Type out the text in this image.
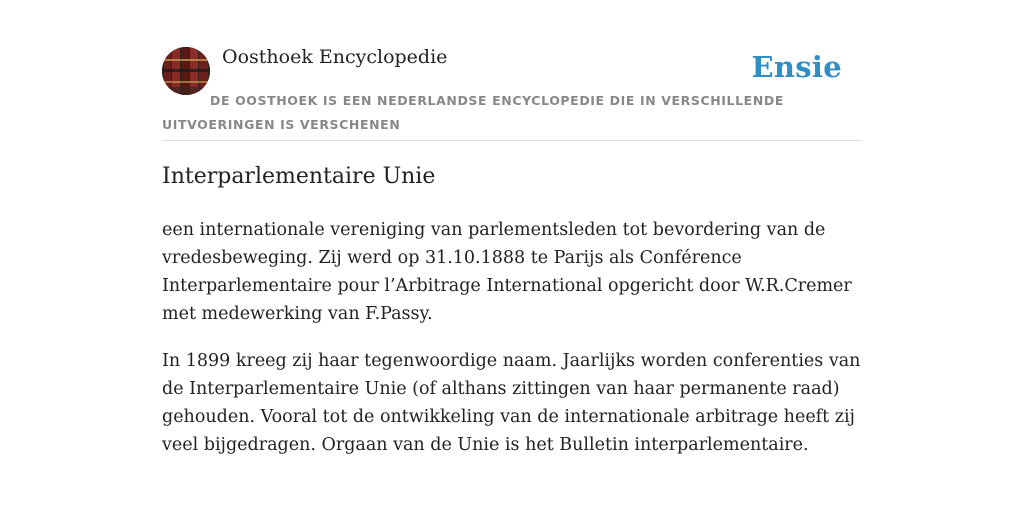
Oosthoek Encyclopedie	Ensie
DE OOSTHOEK IS EEN NEDERLANDSE ENCYCLOPEDIE DIE IN VERSCHILLENDE UITVOERINGEN IS VERSCHENEN
Interparlementaire Unie

een internationale vereniging van parlementsleden tot bevordering van de vredesbeweging. Zij werd op 31.10.1888 te Parijs als Conférence Interparlementaire pour l’Arbitrage International opgericht door W.R.Cremer met medewerking van F.Passy.

In 1899 kreeg zij haar tegenwoordige naam. Jaarlijks worden conferenties van de Interparlementaire Unie (of althans zittingen van haar permanente raad) gehouden. Vooral tot de ontwikkeling van de internationale arbitrage heeft zij veel bijgedragen. Orgaan van de Unie is het Bulletin interparlementaire.
